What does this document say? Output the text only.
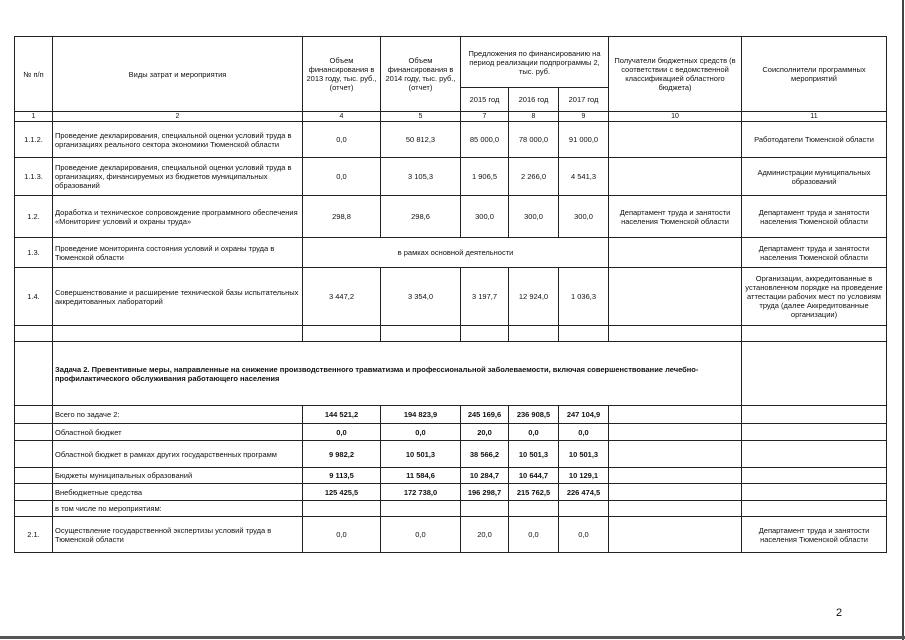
№ п/п	Виды затрат и мероприятия	Объем финансирования в 2013 году, тыс. руб., (отчет)	Объем финансирования в 2014 году, тыс. руб., (отчет)	Предложения по финансированию на период реализации подпрограммы 2, тыс. руб.			Получатели бюджетных средств (в соответствии с ведомственной классификацией областного бюджета)	Соисполнители программных мероприятий
				2015 год	2016 год	2017 год		
1	2	4	5	7	8	9	10	11
1.1.2.	Проведение декларирования, специальной оценки условий труда в организациях реального сектора экономики Тюменской области	0,0	50 812,3	85 000,0	78 000,0	91 000,0		Работодатели Тюменской области
1.1.3.	Проведение декларирования, специальной оценки условий труда в организациях, финансируемых из бюджетов муниципальных образований	0,0	3 105,3	1 906,5	2 266,0	4 541,3		Администрации муниципальных образований
1.2.	Доработка и техническое сопровождение программного обеспечения «Мониторинг условий и охраны труда»	298,8	298,6	300,0	300,0	300,0	Департамент труда и занятости населения Тюменской области	Департамент труда и занятости населения Тюменской области
1.3.	Проведение мониторинга состояния условий и охраны труда в Тюменской области	в рамках основной деятельности						Департамент труда и занятости населения Тюменской области
1.4.	Совершенствование и расширение технической базы испытательных аккредитованных лабораторий	3 447,2	3 354,0	3 197,7	12 924,0	1 036,3		Организации, аккредитованные в установленном порядке на проведение аттестации рабочих мест по условиям труда (далее Аккредитованные организации)

	Задача 2. Превентивные меры, направленные на снижение производственного травматизма и профессиональной заболеваемости, включая совершенствование лечебно-профилактического обслуживания работающего населения							
	Всего по задаче 2:	144 521,2	194 823,9	245 169,6	236 908,5	247 104,9		
	Областной бюджет	0,0	0,0	20,0	0,0	0,0		
	Областной бюджет в рамках других государственных программ	9 982,2	10 501,3	38 566,2	10 501,3	10 501,3		
	Бюджеты муниципальных образований	9 113,5	11 584,6	10 284,7	10 644,7	10 129,1		
	Внебюджетные средства	125 425,5	172 738,0	196 298,7	215 762,5	226 474,5		
	в том числе по мероприятиям:							
2.1.	Осуществление государственной экспертизы условий труда в Тюменской области	0,0	0,0	20,0	0,0	0,0		Департамент труда и занятости населения Тюменской области
2
